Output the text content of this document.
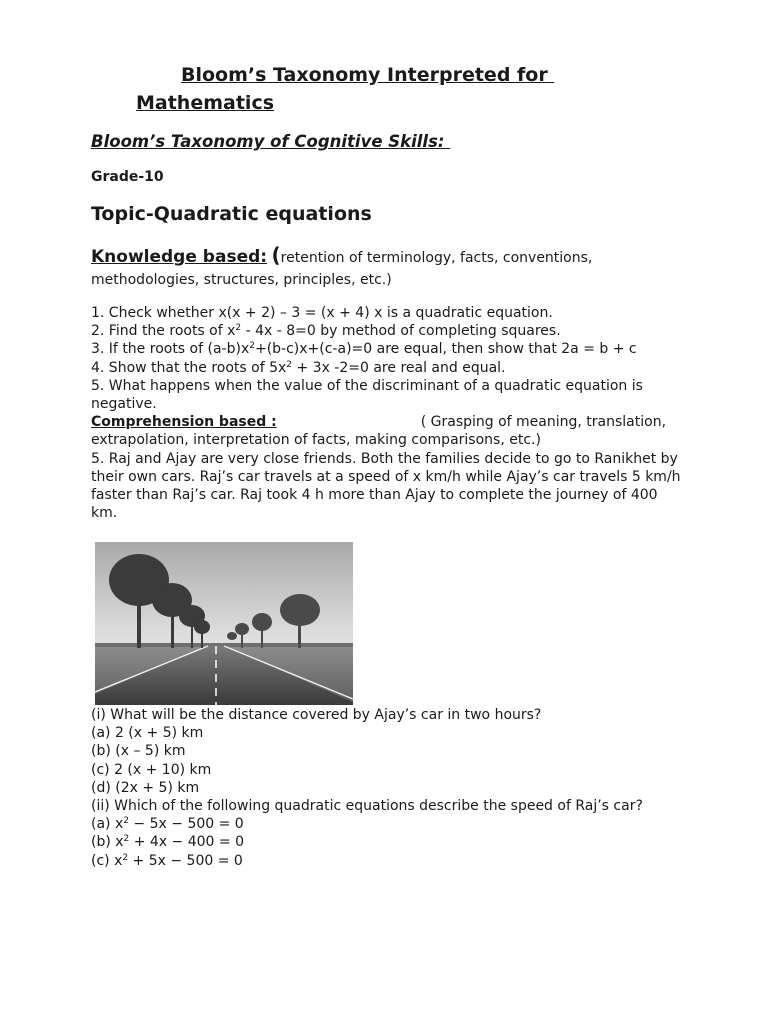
Bloom’s Taxonomy Interpreted for
Mathematics
Bloom’s Taxonomy of Cognitive Skills:
Grade-10
Topic-Quadratic equations
Knowledge based: (retention of terminology, facts, conventions, methodologies, structures, principles, etc.)

1. Check whether x(x + 2) – 3 = (x + 4) x is a quadratic equation.

2. Find the roots of $x^2 - 4x - 8=0$ by method of completing squares.

3. If the roots of $(a-b)x^2+(b-c)x+(c-a)=0$ are equal, then show that 2a = b + c

4. Show that the roots of $5x^2 + 3x$ -2=0 are real and equal.

5. What happens when the value of the discriminant of a quadratic equation is negative.

Comprehension based :	( Grasping of meaning, translation, extrapolation, interpretation of facts, making comparisons, etc.)

5. Raj and Ajay are very close friends. Both the families decide to go to Ranikhet by their own cars. Raj’s car travels at a speed of x km/h while Ajay’s car travels 5 km/h faster than Raj’s car. Raj took 4 h more than Ajay to complete the journey of 400 km.

(i) What will be the distance covered by Ajay’s car in two hours?

(a) 2 (x + 5) km

(b) (x – 5) km

(c) 2 (x + 10) km

(d) (2x + 5) km

(ii) Which of the following quadratic equations describe the speed of Raj’s car?

(a) $x^2 - 5x - 500 = 0$

(b) $x^2 + 4x - 400 = 0$

(c) $x^2 + 5x - 500 = 0$
